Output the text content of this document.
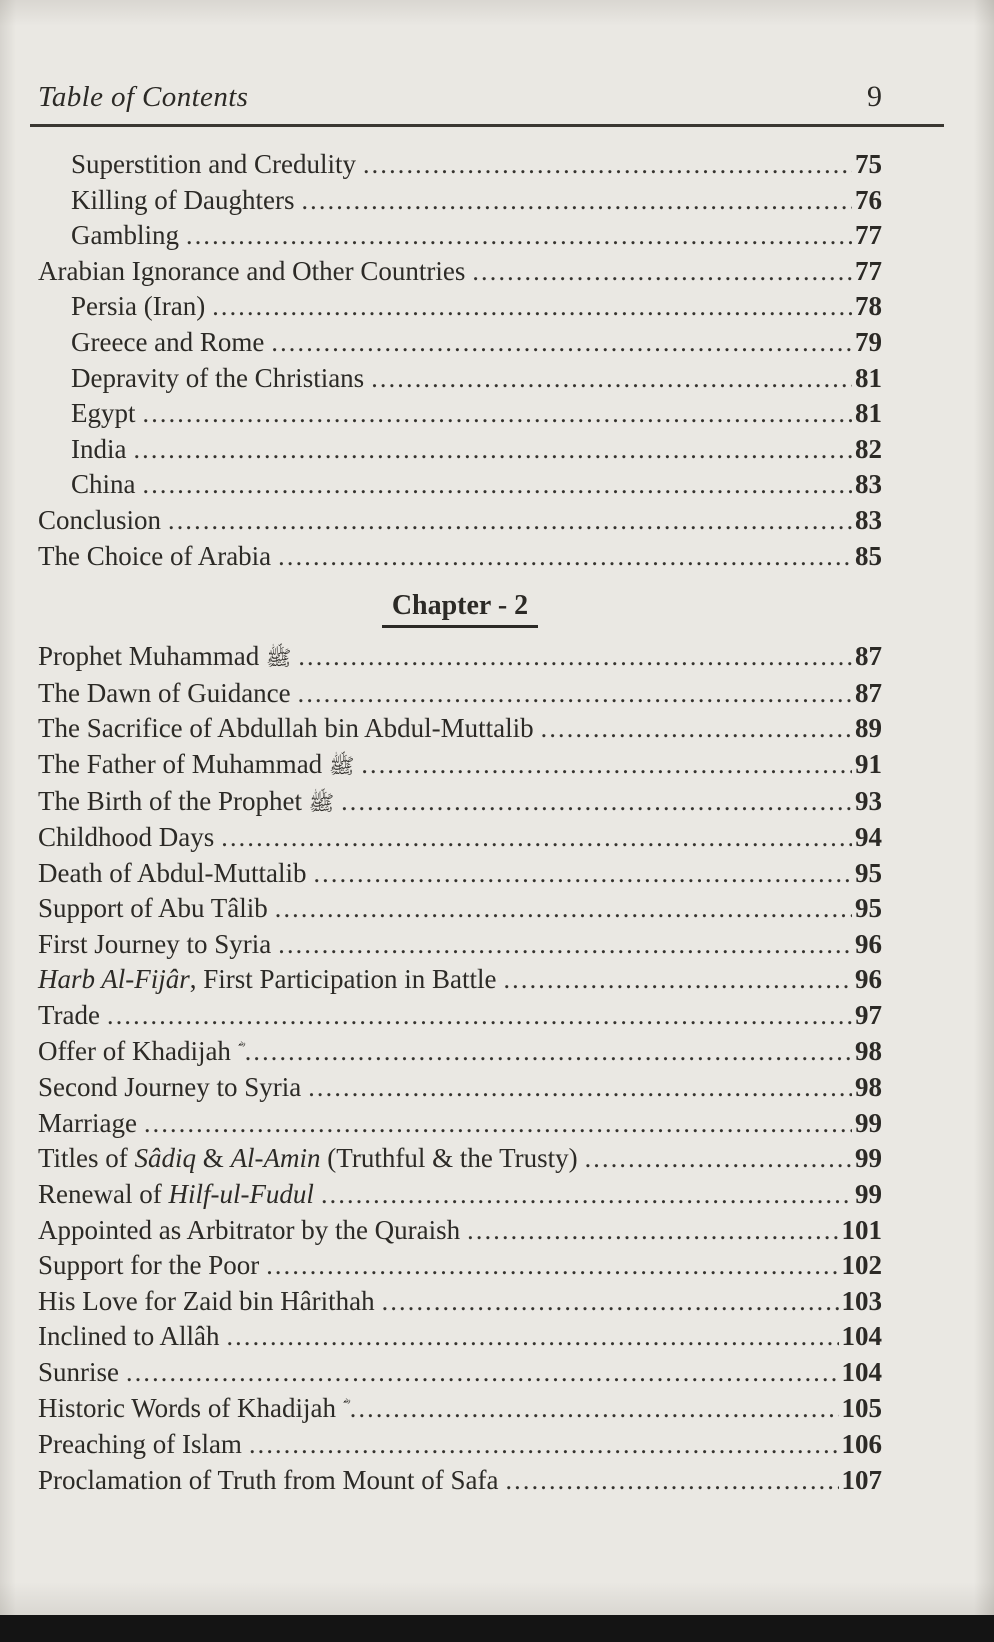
Table of Contents	9
Superstition and Credulity .....	75
Killing of Daughters .....	76
Gambling .....	77
Arabian Ignorance and Other Countries .....	77
Persia (Iran) .....	78
Greece and Rome .....	79
Depravity of the Christians .....	81
Egypt .....	81
India .....	82
China .....	83
Conclusion .....	83
The Choice of Arabia .....	85
Chapter - 2
Prophet Muhammad ﷺ .....	87
The Dawn of Guidance .....	87
The Sacrifice of Abdullah bin Abdul-Muttalib .....	89
The Father of Muhammad ﷺ .....	91
The Birth of the Prophet ﷺ .....	93
Childhood Days .....	94
Death of Abdul-Muttalib .....	95
Support of Abu Tâlib .....	95
First Journey to Syria .....	96
Harb Al-Fijâr, First Participation in Battle .....	96
Trade .....	97
Offer of Khadijah .....	98
Second Journey to Syria .....	98
Marriage .....	99
Titles of Sâdiq & Al-Amin (Truthful & the Trusty) .....	99
Renewal of Hilf-ul-Fudul .....	99
Appointed as Arbitrator by the Quraish .....	101
Support for the Poor .....	102
His Love for Zaid bin Hârithah .....	103
Inclined to Allâh .....	104
Sunrise .....	104
Historic Words of Khadijah .....	105
Preaching of Islam .....	106
Proclamation of Truth from Mount of Safa .....	107
